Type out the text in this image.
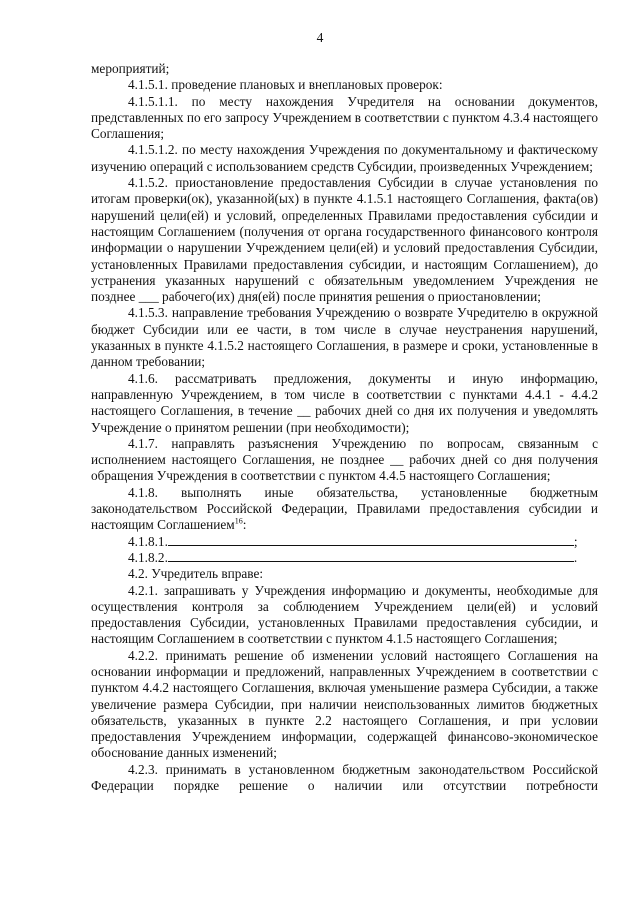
4

мероприятий;

4.1.5.1. проведение плановых и внеплановых проверок:

4.1.5.1.1. по месту нахождения Учредителя на основании документов, представленных по его запросу Учреждением в соответствии с пунктом 4.3.4 настоящего Соглашения;

4.1.5.1.2. по месту нахождения Учреждения по документальному и фактическому изучению операций с использованием средств Субсидии, произведенных Учреждением;

4.1.5.2. приостановление предоставления Субсидии в случае установления по итогам проверки(ок), указанной(ых) в пункте 4.1.5.1 настоящего Соглашения, факта(ов) нарушений цели(ей) и условий, определенных Правилами предоставления субсидии и настоящим Соглашением (получения от органа государственного финансового контроля информации о нарушении Учреждением цели(ей) и условий предоставления Субсидии, установленных Правилами предоставления субсидии, и настоящим Соглашением), до устранения указанных нарушений с обязательным уведомлением Учреждения не позднее ___ рабочего(их) дня(ей) после принятия решения о приостановлении;

4.1.5.3. направление требования Учреждению о возврате Учредителю в окружной бюджет Субсидии или ее части, в том числе в случае неустранения нарушений, указанных в пункте 4.1.5.2 настоящего Соглашения, в размере и сроки, установленные в данном требовании;

4.1.6. рассматривать предложения, документы и иную информацию, направленную Учреждением, в том числе в соответствии с пунктами 4.4.1 - 4.4.2 настоящего Соглашения, в течение __ рабочих дней со дня их получения и уведомлять Учреждение о принятом решении (при необходимости);

4.1.7. направлять разъяснения Учреждению по вопросам, связанным с исполнением настоящего Соглашения, не позднее __ рабочих дней со дня получения обращения Учреждения в соответствии с пунктом 4.4.5 настоящего Соглашения;

4.1.8. выполнять иные обязательства, установленные бюджетным законодательством Российской Федерации, Правилами предоставления субсидии и настоящим Соглашением$^{16}$:

4.1.8.1.	;

4.1.8.2.	.

4.2. Учредитель вправе:

4.2.1. запрашивать у Учреждения информацию и документы, необходимые для осуществления контроля за соблюдением Учреждением цели(ей) и условий предоставления Субсидии, установленных Правилами предоставления субсидии, и настоящим Соглашением в соответствии с пунктом 4.1.5 настоящего Соглашения;

4.2.2. принимать решение об изменении условий настоящего Соглашения на основании информации и предложений, направленных Учреждением в соответствии с пунктом 4.4.2 настоящего Соглашения, включая уменьшение размера Субсидии, а также увеличение размера Субсидии, при наличии неиспользованных лимитов бюджетных обязательств, указанных в пункте 2.2 настоящего Соглашения, и при условии предоставления Учреждением информации, содержащей финансово-экономическое обоснование данных изменений;

4.2.3. принимать в установленном бюджетным законодательством Российской Федерации порядке решение о наличии или отсутствии потребности
